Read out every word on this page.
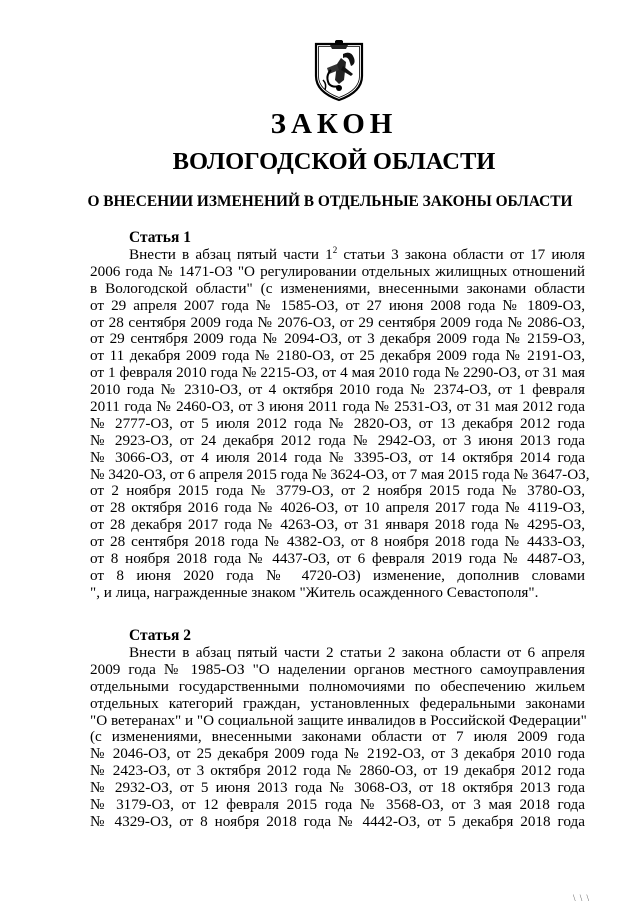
ЗАКОН
ВОЛОГОДСКОЙ ОБЛАСТИ
О ВНЕСЕНИИ ИЗМЕНЕНИЙ В ОТДЕЛЬНЫЕ ЗАКОНЫ ОБЛАСТИ
Статья 1
Внести в абзац пятый части $1^2$ статьи 3 закона области от 17 июля
2006 года № 1471-ОЗ "О регулировании отдельных жилищных отношений
в Вологодской области" (с изменениями, внесенными законами области
от 29 апреля 2007 года № 1585-ОЗ, от 27 июня 2008 года № 1809-ОЗ,
от 28 сентября 2009 года № 2076-ОЗ, от 29 сентября 2009 года № 2086-ОЗ,
от 29 сентября 2009 года № 2094-ОЗ, от 3 декабря 2009 года № 2159-ОЗ,
от 11 декабря 2009 года № 2180-ОЗ, от 25 декабря 2009 года № 2191-ОЗ,
от 1 февраля 2010 года № 2215-ОЗ, от 4 мая 2010 года № 2290-ОЗ, от 31 мая
2010 года № 2310-ОЗ, от 4 октября 2010 года № 2374-ОЗ, от 1 февраля
2011 года № 2460-ОЗ, от 3 июня 2011 года № 2531-ОЗ, от 31 мая 2012 года
№ 2777-ОЗ, от 5 июля 2012 года № 2820-ОЗ, от 13 декабря 2012 года
№ 2923-ОЗ, от 24 декабря 2012 года № 2942-ОЗ, от 3 июня 2013 года
№ 3066-ОЗ, от 4 июля 2014 года № 3395-ОЗ, от 14 октября 2014 года
№ 3420-ОЗ, от 6 апреля 2015 года № 3624-ОЗ, от 7 мая 2015 года № 3647-ОЗ,
от 2 ноября 2015 года № 3779-ОЗ, от 2 ноября 2015 года № 3780-ОЗ,
от 28 октября 2016 года № 4026-ОЗ, от 10 апреля 2017 года № 4119-ОЗ,
от 28 декабря 2017 года № 4263-ОЗ, от 31 января 2018 года № 4295-ОЗ,
от 28 сентября 2018 года № 4382-ОЗ, от 8 ноября 2018 года № 4433-ОЗ,
от 8 ноября 2018 года № 4437-ОЗ, от 6 февраля 2019 года № 4487-ОЗ,
от 8 июня 2020 года № 4720-ОЗ) изменение, дополнив словами
", и лица, награжденные знаком "Житель осажденного Севастополя".
Статья 2
Внести в абзац пятый части 2 статьи 2 закона области от 6 апреля
2009 года № 1985-ОЗ "О наделении органов местного самоуправления
отдельными государственными полномочиями по обеспечению жильем
отдельных категорий граждан, установленных федеральными законами
"О ветеранах" и "О социальной защите инвалидов в Российской Федерации"
(с изменениями, внесенными законами области от 7 июля 2009 года
№ 2046-ОЗ, от 25 декабря 2009 года № 2192-ОЗ, от 3 декабря 2010 года
№ 2423-ОЗ, от 3 октября 2012 года № 2860-ОЗ, от 19 декабря 2012 года
№ 2932-ОЗ, от 5 июня 2013 года № 3068-ОЗ, от 18 октября 2013 года
№ 3179-ОЗ, от 12 февраля 2015 года № 3568-ОЗ, от 3 мая 2018 года
№ 4329-ОЗ, от 8 ноября 2018 года № 4442-ОЗ, от 5 декабря 2018 года
\ \ \
